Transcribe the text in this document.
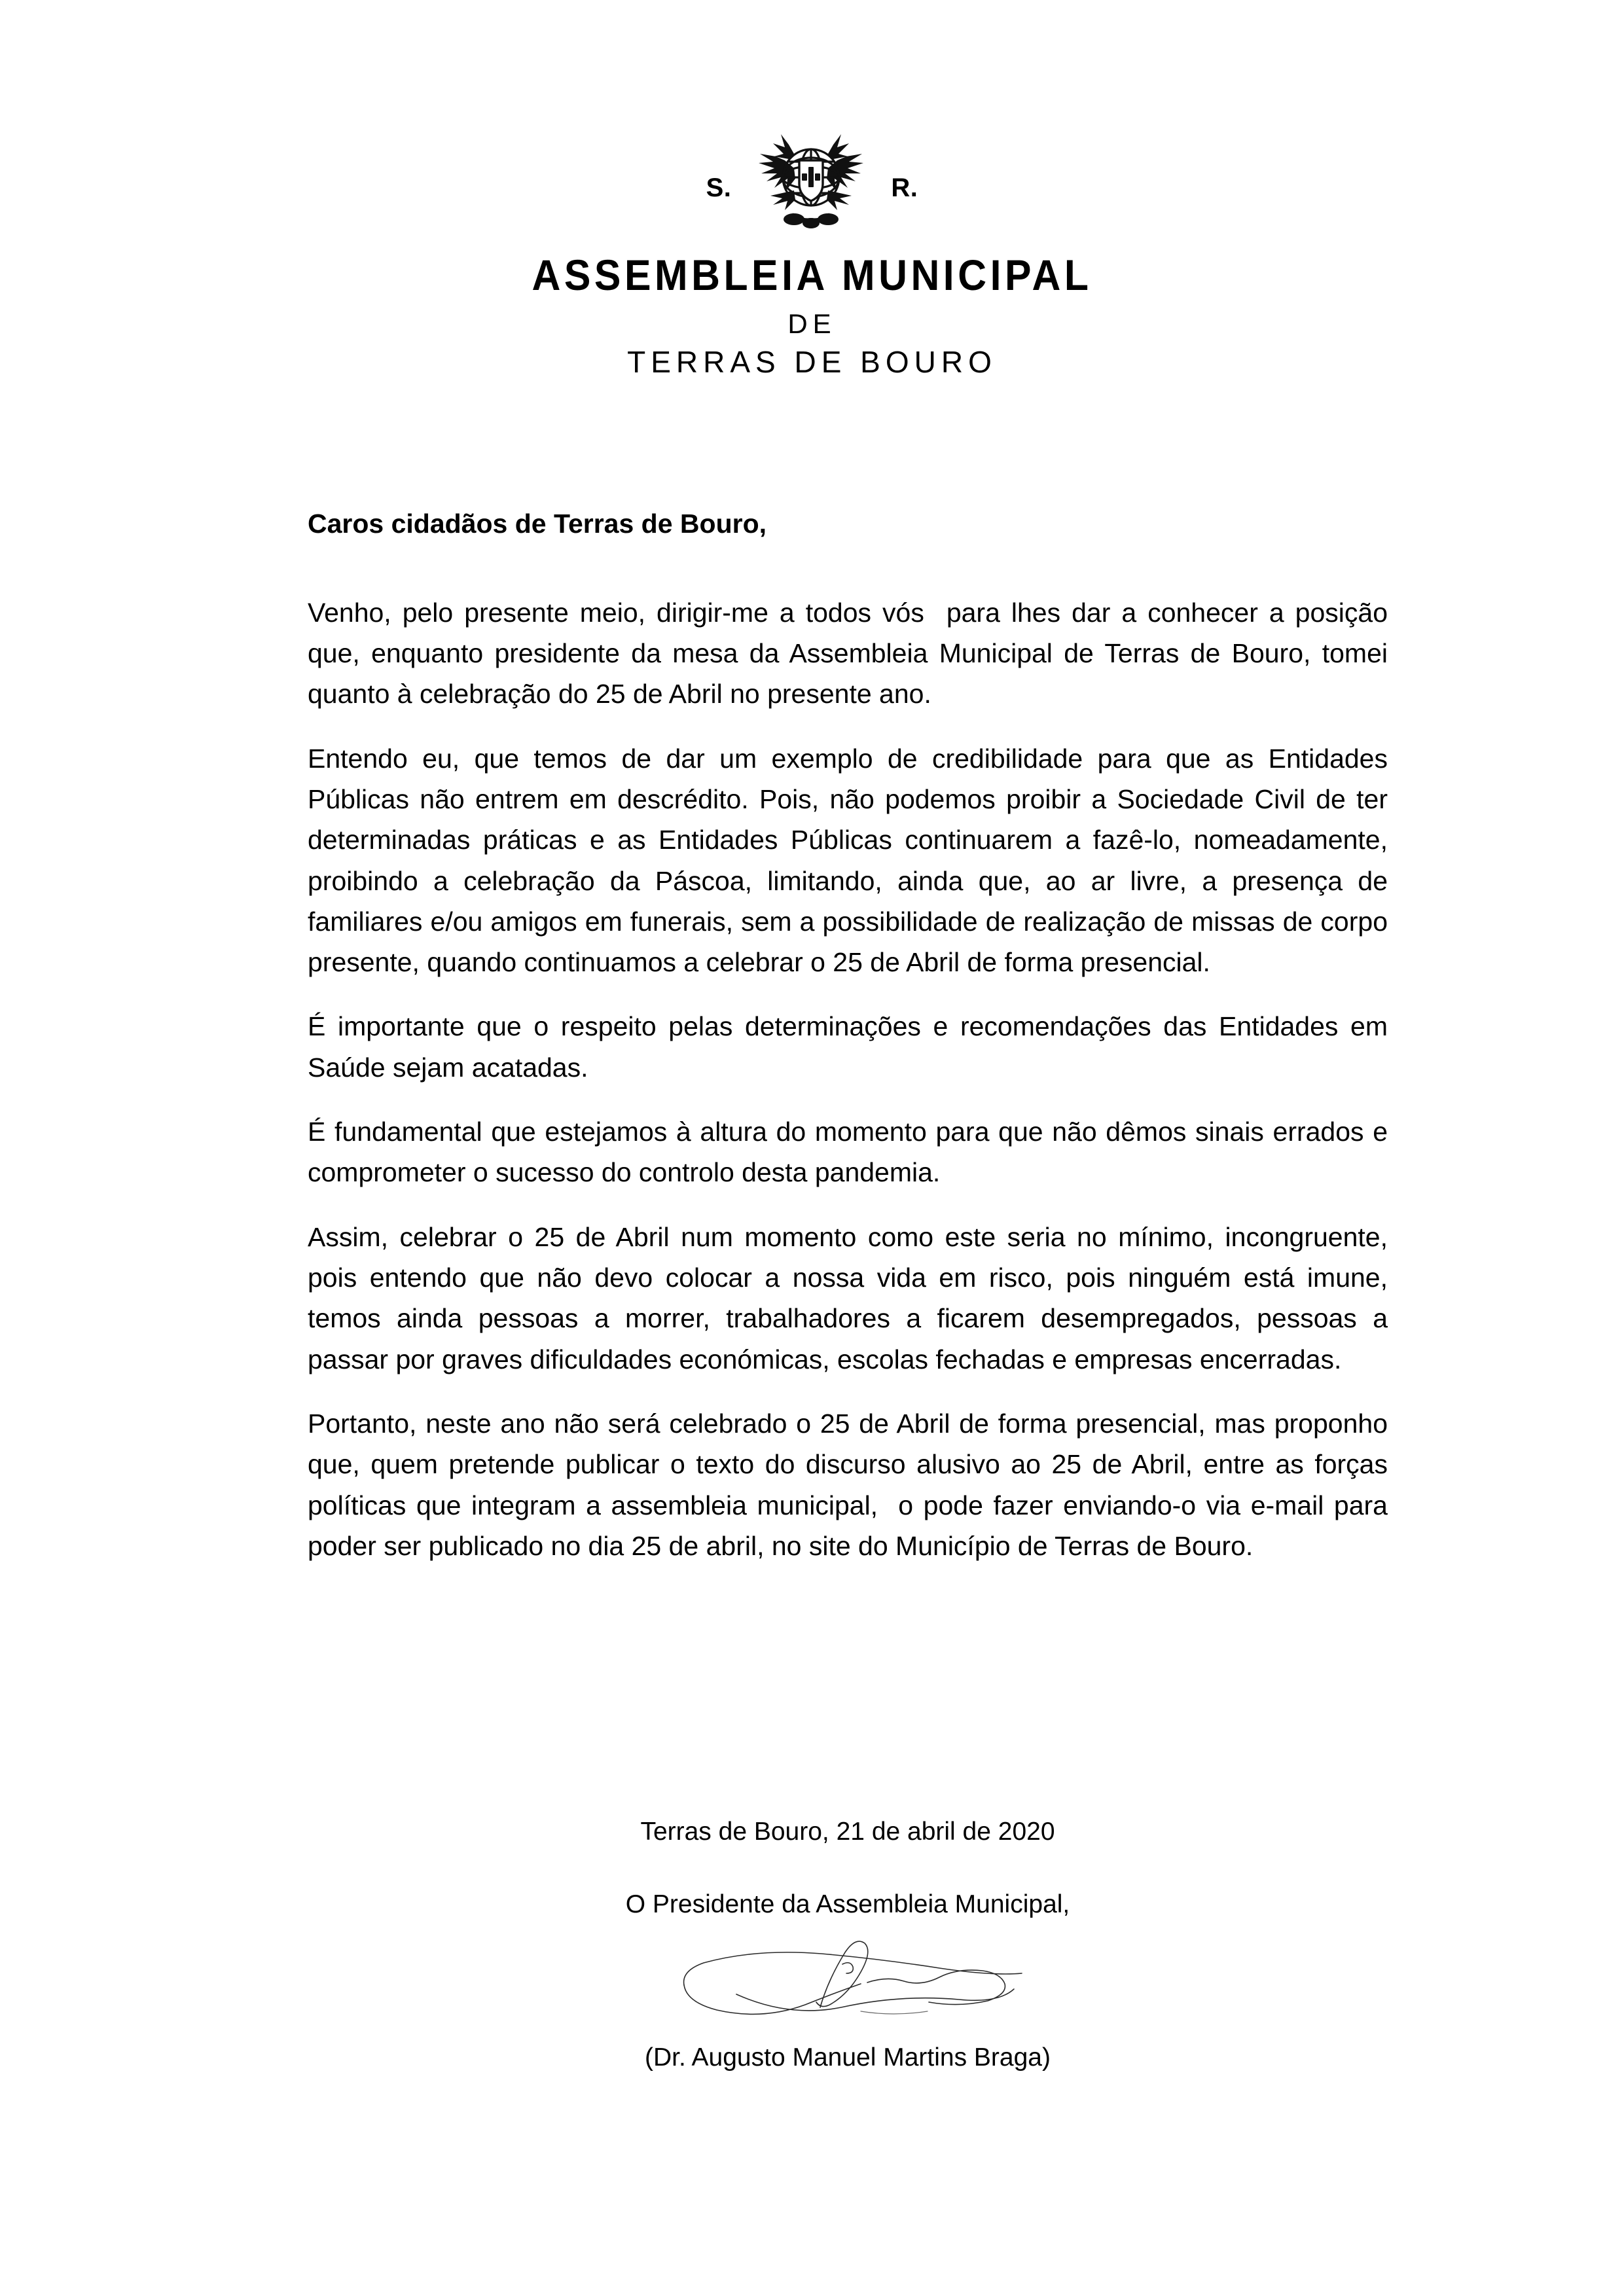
S.	R.
ASSEMBLEIA MUNICIPAL
DE
TERRAS DE BOURO

Caros cidadãos de Terras de Bouro,

Venho, pelo presente meio, dirigir-me a todos vós  para lhes dar a conhecer a posição que, enquanto presidente da mesa da Assembleia Municipal de Terras de Bouro, tomei quanto à celebração do 25 de Abril no presente ano.

Entendo eu, que temos de dar um exemplo de credibilidade para que as Entidades Públicas não entrem em descrédito. Pois, não podemos proibir a Sociedade Civil de ter determinadas práticas e as Entidades Públicas continuarem a fazê-lo, nomeadamente, proibindo a celebração da Páscoa, limitando, ainda que, ao ar livre, a presença de familiares e/ou amigos em funerais, sem a possibilidade de realização de missas de corpo presente, quando continuamos a celebrar o 25 de Abril de forma presencial.

É importante que o respeito pelas determinações e recomendações das Entidades em Saúde sejam acatadas.

É fundamental que estejamos à altura do momento para que não dêmos sinais errados e comprometer o sucesso do controlo desta pandemia.

Assim, celebrar o 25 de Abril num momento como este seria no mínimo, incongruente, pois entendo que não devo colocar a nossa vida em risco, pois ninguém está imune, temos ainda pessoas a morrer, trabalhadores a ficarem desempregados, pessoas a passar por graves dificuldades económicas, escolas fechadas e empresas encerradas.

Portanto, neste ano não será celebrado o 25 de Abril de forma presencial, mas proponho que, quem pretende publicar o texto do discurso alusivo ao 25 de Abril, entre as forças políticas que integram a assembleia municipal,  o pode fazer enviando-o via e-mail para poder ser publicado no dia 25 de abril, no site do Município de Terras de Bouro.

Terras de Bouro, 21 de abril de 2020
O Presidente da Assembleia Municipal,
(Dr. Augusto Manuel Martins Braga)
